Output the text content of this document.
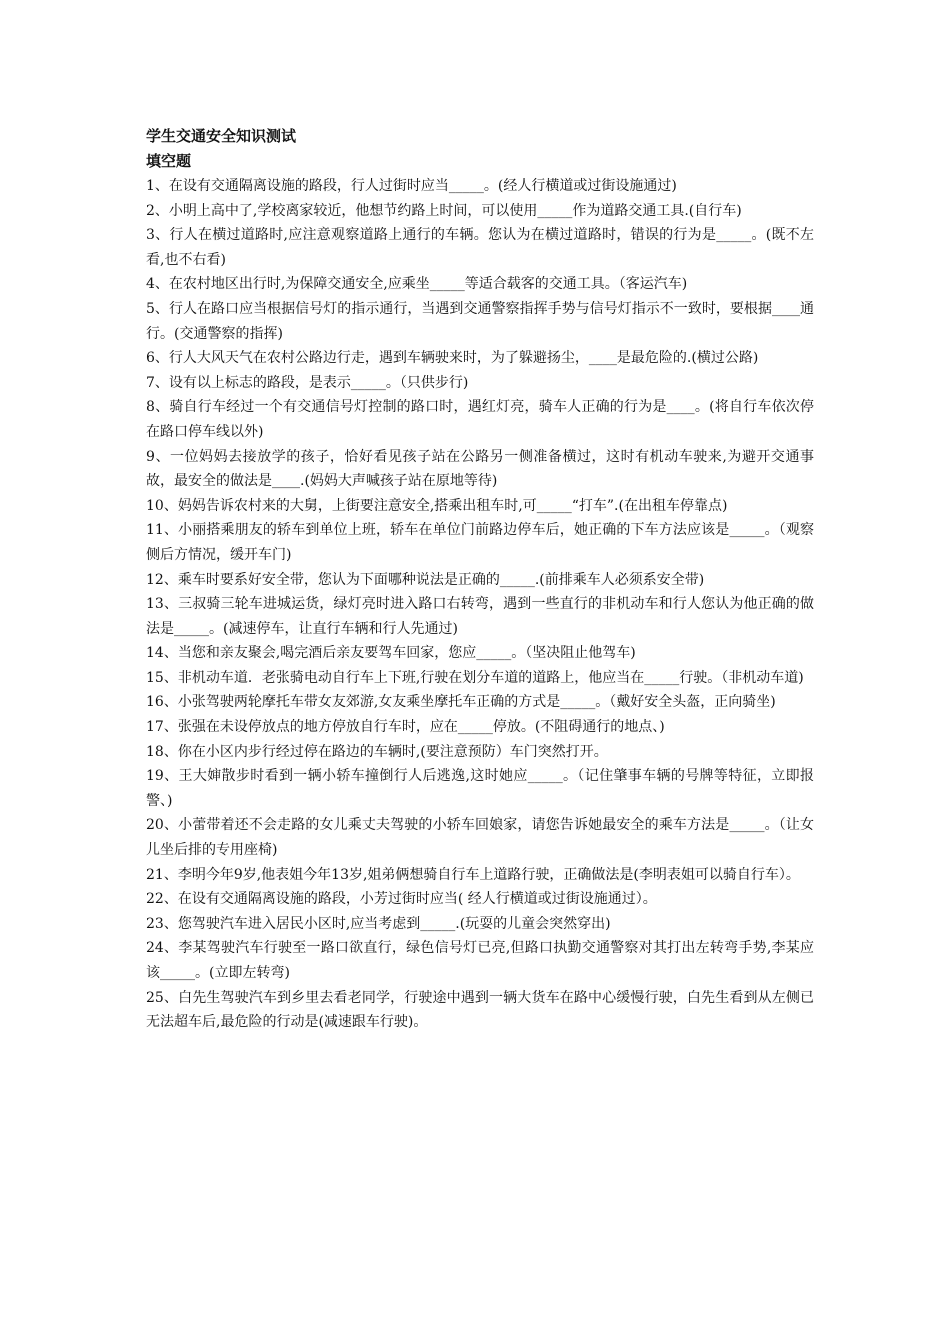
学生交通安全知识测试

填空题

1、在设有交通隔离设施的路段，行人过街时应当_____。(经人行横道或过街设施通过)
2、小明上高中了,学校离家较近，他想节约路上时间，可以使用_____作为道路交通工具.(自行车)
3、行人在横过道路时,应注意观察道路上通行的车辆。您认为在横过道路时，错误的行为是_____。(既不左看,也不右看)
4、在农村地区出行时,为保障交通安全,应乘坐_____等适合载客的交通工具。（客运汽车)
5、行人在路口应当根据信号灯的指示通行，当遇到交通警察指挥手势与信号灯指示不一致时，要根据____通行。(交通警察的指挥)
6、行人大风天气在农村公路边行走，遇到车辆驶来时，为了躲避扬尘，____是最危险的.(横过公路)
7、设有以上标志的路段，是表示_____。（只供步行)
8、骑自行车经过一个有交通信号灯控制的路口时，遇红灯亮，骑车人正确的行为是____。(将自行车依次停在路口停车线以外)
9、一位妈妈去接放学的孩子，恰好看见孩子站在公路另一侧准备横过，这时有机动车驶来,为避开交通事故，最安全的做法是____.(妈妈大声喊孩子站在原地等待)
10、妈妈告诉农村来的大舅，上街要注意安全,搭乘出租车时,可_____“打车”.(在出租车停靠点)
11、小丽搭乘朋友的轿车到单位上班，轿车在单位门前路边停车后，她正确的下车方法应该是_____。（观察侧后方情况，缓开车门)
12、乘车时要系好安全带，您认为下面哪种说法是正确的_____.(前排乘车人必须系安全带)
13、三叔骑三轮车进城运货，绿灯亮时进入路口右转弯，遇到一些直行的非机动车和行人您认为他正确的做法是_____。(减速停车，让直行车辆和行人先通过)
14、当您和亲友聚会,喝完酒后亲友要驾车回家，您应_____。（坚决阻止他驾车)
15、非机动车道．老张骑电动自行车上下班,行驶在划分车道的道路上，他应当在_____行驶。（非机动车道)
16、小张驾驶两轮摩托车带女友郊游,女友乘坐摩托车正确的方式是_____。（戴好安全头盔，正向骑坐)
17、张强在未设停放点的地方停放自行车时，应在_____停放。(不阻碍通行的地点、)
18、你在小区内步行经过停在路边的车辆时,(要注意预防）车门突然打开。
19、王大婶散步时看到一辆小轿车撞倒行人后逃逸,这时她应_____。（记住肇事车辆的号牌等特征，立即报警、)
20、小蕾带着还不会走路的女儿乘丈夫驾驶的小轿车回娘家，请您告诉她最安全的乘车方法是_____。（让女儿坐后排的专用座椅)
21、李明今年9岁,他表姐今年13岁,姐弟俩想骑自行车上道路行驶，正确做法是(李明表姐可以骑自行车）。
22、在设有交通隔离设施的路段，小芳过街时应当( 经人行横道或过街设施通过）。
23、您驾驶汽车进入居民小区时,应当考虑到_____.(玩耍的儿童会突然穿出)
24、李某驾驶汽车行驶至一路口欲直行，绿色信号灯已亮,但路口执勤交通警察对其打出左转弯手势,李某应该_____。(立即左转弯)
25、白先生驾驶汽车到乡里去看老同学，行驶途中遇到一辆大货车在路中心缓慢行驶，白先生看到从左侧已无法超车后,最危险的行动是(减速跟车行驶)。
